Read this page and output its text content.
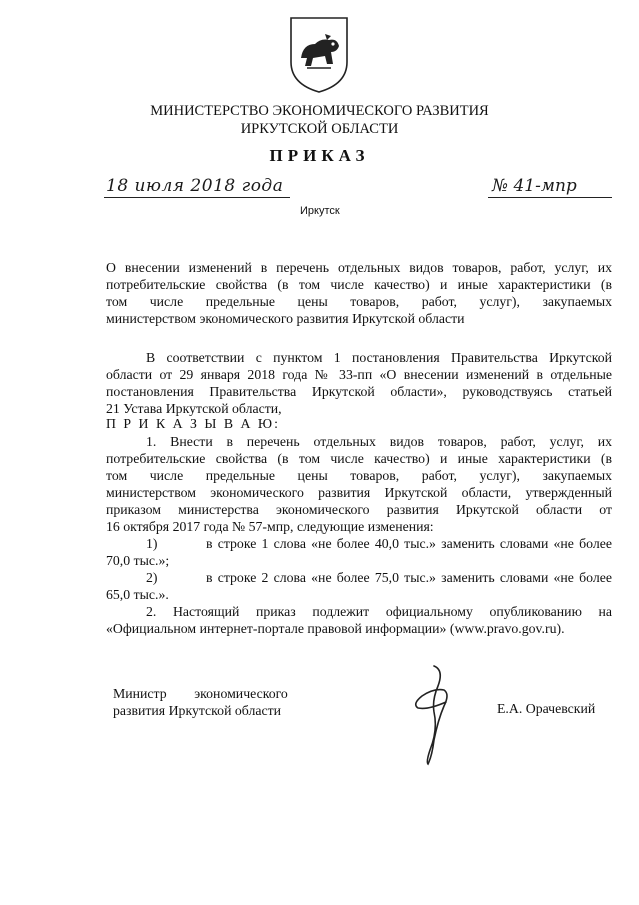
МИНИСТЕРСТВО ЭКОНОМИЧЕСКОГО РАЗВИТИЯ
ИРКУТСКОЙ ОБЛАСТИ
ПРИКАЗ
18 июля 2018 года	№ 41-мпр
Иркутск
О внесении изменений в перечень отдельных видов товаров, работ, услуг, их
потребительские свойства (в том числе качество) и иные характеристики (в
том числе предельные цены товаров, работ, услуг), закупаемых
министерством экономического развития Иркутской области
В соответствии с пунктом 1 постановления Правительства Иркутской
области от 29 января 2018 года № 33-пп «О внесении изменений в отдельные
постановления Правительства Иркутской области», руководствуясь статьей
21 Устава Иркутской области,
П Р И К А З Ы В А Ю:
1. Внести в перечень отдельных видов товаров, работ, услуг, их
потребительские свойства (в том числе качество) и иные характеристики (в
том числе предельные цены товаров, работ, услуг), закупаемых
министерством экономического развития Иркутской области, утвержденный
приказом министерства экономического развития Иркутской области от
16 октября 2017 года № 57-мпр, следующие изменения:
1)	в строке 1 слова «не более 40,0 тыс.» заменить словами «не более
70,0 тыс.»;
2)	в строке 2 слова «не более 75,0 тыс.» заменить словами «не более
65,0 тыс.».
2. Настоящий приказ подлежит официальному опубликованию на
«Официальном интернет-портале правовой информации» (www.pravo.gov.ru).
Министр        экономического
развития Иркутской области	Е.А. Орачевский
